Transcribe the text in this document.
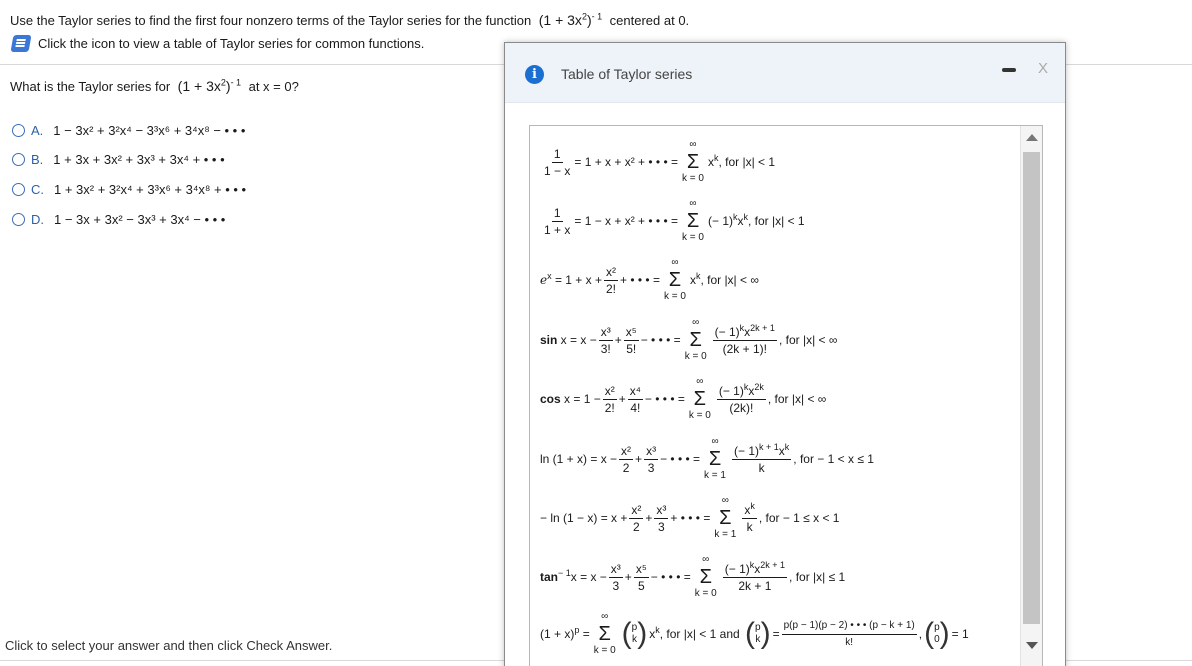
Use the Taylor series to find the first four nonzero terms of the Taylor series for the function $(1 + 3x^2)^{- 1}$ centered at 0.
Click the icon to view a table of Taylor series for common functions.
What is the Taylor series for $(1 + 3x^2)^{- 1}$ at x = 0?
A. 1 − 3x² + 3²x⁴ − 3³x⁶ + 3⁴x⁸ − • • •
B. 1 + 3x + 3x² + 3x³ + 3x⁴ + • • •
C. 1 + 3x² + 3²x⁴ + 3³x⁶ + 3⁴x⁸ + • • •
D. 1 − 3x + 3x² − 3x³ + 3x⁴ − • • •
Click to select your answer and then click Check Answer.
i	Table of Taylor series	X
$\frac{1}{1 - x} = 1 + x + x^2$ + • • • =
∞
Σ
k = 0
$x^k$ , for |x| < 1
$\frac{1}{1 + x} = 1 - x + x^2$ + • • • =
∞
Σ
k = 0
(− $1)^kx^k$ , for |x| < 1
$e^x = 1 + x + \frac{\text{x²}}{2!}$ + • • • =
∞
Σ
k = 0
$x^k$ , for |x| < ∞
$\sin x = x - \frac{\text{x³}}{3!} + \frac{\text{x⁵}}{5!}$ − • • • =
∞
Σ
k = 0
$\frac{(- 1)^kx^{2k + 1}}{(2k + 1)!}$ , for |x| < ∞
$\cos x = 1 - \frac{\text{x²}}{2!} + \frac{\text{x⁴}}{4!}$ − • • • =
∞
Σ
k = 0
$\frac{(- 1)^kx^{2k}}{(2k)!}$ , for |x| < ∞
$\ln (1 + x) = x - \frac{\text{x²}}{2} + \frac{\text{x³}}{3}$ − • • • =
∞
Σ
k = 1
$\frac{(- 1)^{k + 1}x^k}{k}$ , for − 1 < x ≤ 1
− $\ln (1 - x) = x + \frac{\text{x²}}{2} + \frac{\text{x³}}{3}$ + • • • =
∞
Σ
k = 1
$\frac{x^k}{k}$ , for − 1 ≤ x < 1
$\tan^{- 1}x = x - \frac{\text{x³}}{3} + \frac{\text{x⁵}}{5}$ − • • • =
∞
Σ
k = 0
$\frac{(- 1)^kx^{2k + 1}}{2k + 1}$ , for |x| ≤ 1
$(1 + x)^p$ =
∞
Σ
k = 0
( p
k ) $x^k$ , for |x| < 1 and
( p
k ) = $\frac{p(p - 1)(p - 2) • • • (p - k + 1)}{k!}$ , ( p
0 ) = 1
